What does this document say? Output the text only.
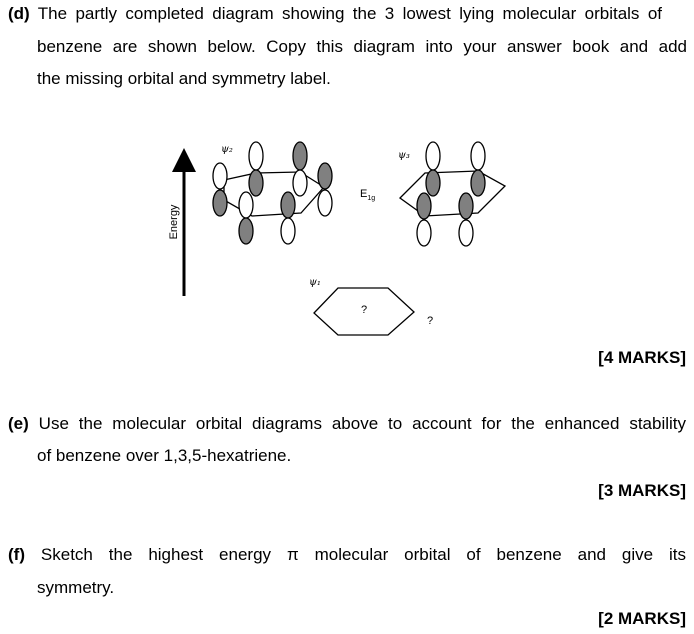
(d) The partly completed diagram showing the 3 lowest lying molecular orbitals of
benzene are shown below. Copy this diagram into your answer book and add
the missing orbital and symmetry label.
Energy
ψ₂
ψ₃
$E_{1g}$
ψ₁
?
?
[4 MARKS]
(e) Use the molecular orbital diagrams above to account for the enhanced stability
of benzene over 1,3,5-hexatriene.
[3 MARKS]
(f) Sketch the highest energy π molecular orbital of benzene and give its
symmetry.
[2 MARKS]
